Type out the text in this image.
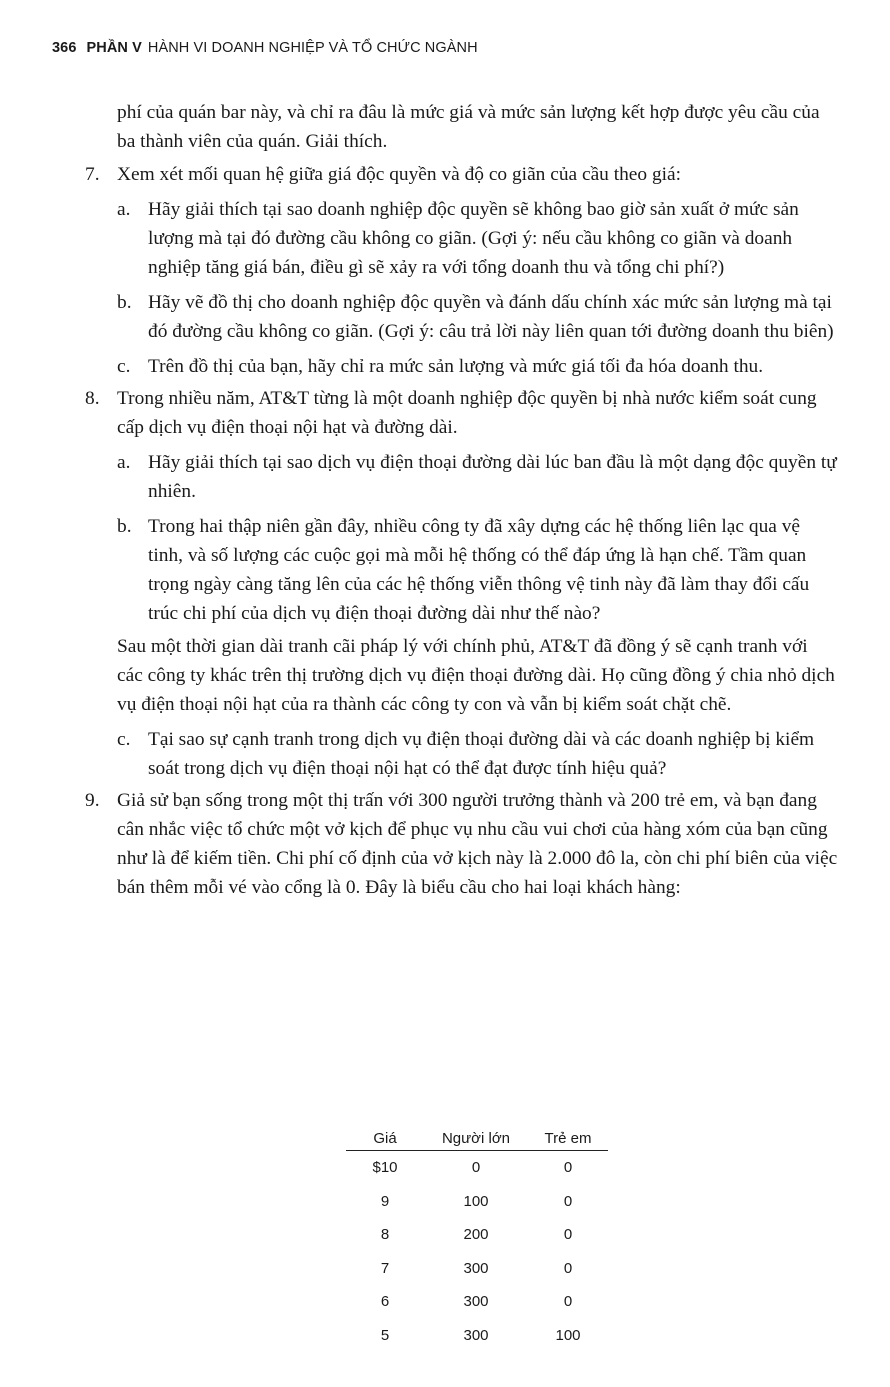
366 PHẦN V HÀNH VI DOANH NGHIỆP VÀ TỔ CHỨC NGÀNH

phí của quán bar này, và chỉ ra đâu là mức giá và mức sản lượng kết hợp được yêu cầu của ba thành viên của quán. Giải thích.

7. Xem xét mối quan hệ giữa giá độc quyền và độ co giãn của cầu theo giá:
a. Hãy giải thích tại sao doanh nghiệp độc quyền sẽ không bao giờ sản xuất ở mức sản lượng mà tại đó đường cầu không co giãn. (Gợi ý: nếu cầu không co giãn và doanh nghiệp tăng giá bán, điều gì sẽ xảy ra với tổng doanh thu và tổng chi phí?)
b. Hãy vẽ đồ thị cho doanh nghiệp độc quyền và đánh dấu chính xác mức sản lượng mà tại đó đường cầu không co giãn. (Gợi ý: câu trả lời này liên quan tới đường doanh thu biên)
c. Trên đồ thị của bạn, hãy chỉ ra mức sản lượng và mức giá tối đa hóa doanh thu.
8. Trong nhiều năm, AT&T từng là một doanh nghiệp độc quyền bị nhà nước kiểm soát cung cấp dịch vụ điện thoại nội hạt và đường dài.
a. Hãy giải thích tại sao dịch vụ điện thoại đường dài lúc ban đầu là một dạng độc quyền tự nhiên.
b. Trong hai thập niên gần đây, nhiều công ty đã xây dựng các hệ thống liên lạc qua vệ tinh, và số lượng các cuộc gọi mà mỗi hệ thống có thể đáp ứng là hạn chế. Tầm quan trọng ngày càng tăng lên của các hệ thống viễn thông vệ tinh này đã làm thay đổi cấu trúc chi phí của dịch vụ điện thoại đường dài như thế nào?

Sau một thời gian dài tranh cãi pháp lý với chính phủ, AT&T đã đồng ý sẽ cạnh tranh với các công ty khác trên thị trường dịch vụ điện thoại đường dài. Họ cũng đồng ý chia nhỏ dịch vụ điện thoại nội hạt của ra thành các công ty con và vẫn bị kiểm soát chặt chẽ.

c. Tại sao sự cạnh tranh trong dịch vụ điện thoại đường dài và các doanh nghiệp bị kiểm soát trong dịch vụ điện thoại nội hạt có thể đạt được tính hiệu quả?
9. Giả sử bạn sống trong một thị trấn với 300 người trưởng thành và 200 trẻ em, và bạn đang cân nhắc việc tổ chức một vở kịch để phục vụ nhu cầu vui chơi của hàng xóm của bạn cũng như là để kiếm tiền. Chi phí cố định của vở kịch này là 2.000 đô la, còn chi phí biên của việc bán thêm mỗi vé vào cổng là 0. Đây là biểu cầu cho hai loại khách hàng:
Giá	Người lớn	Trẻ em
$10	0	0
9	100	0
8	200	0
7	300	0
6	300	0
5	300	100
